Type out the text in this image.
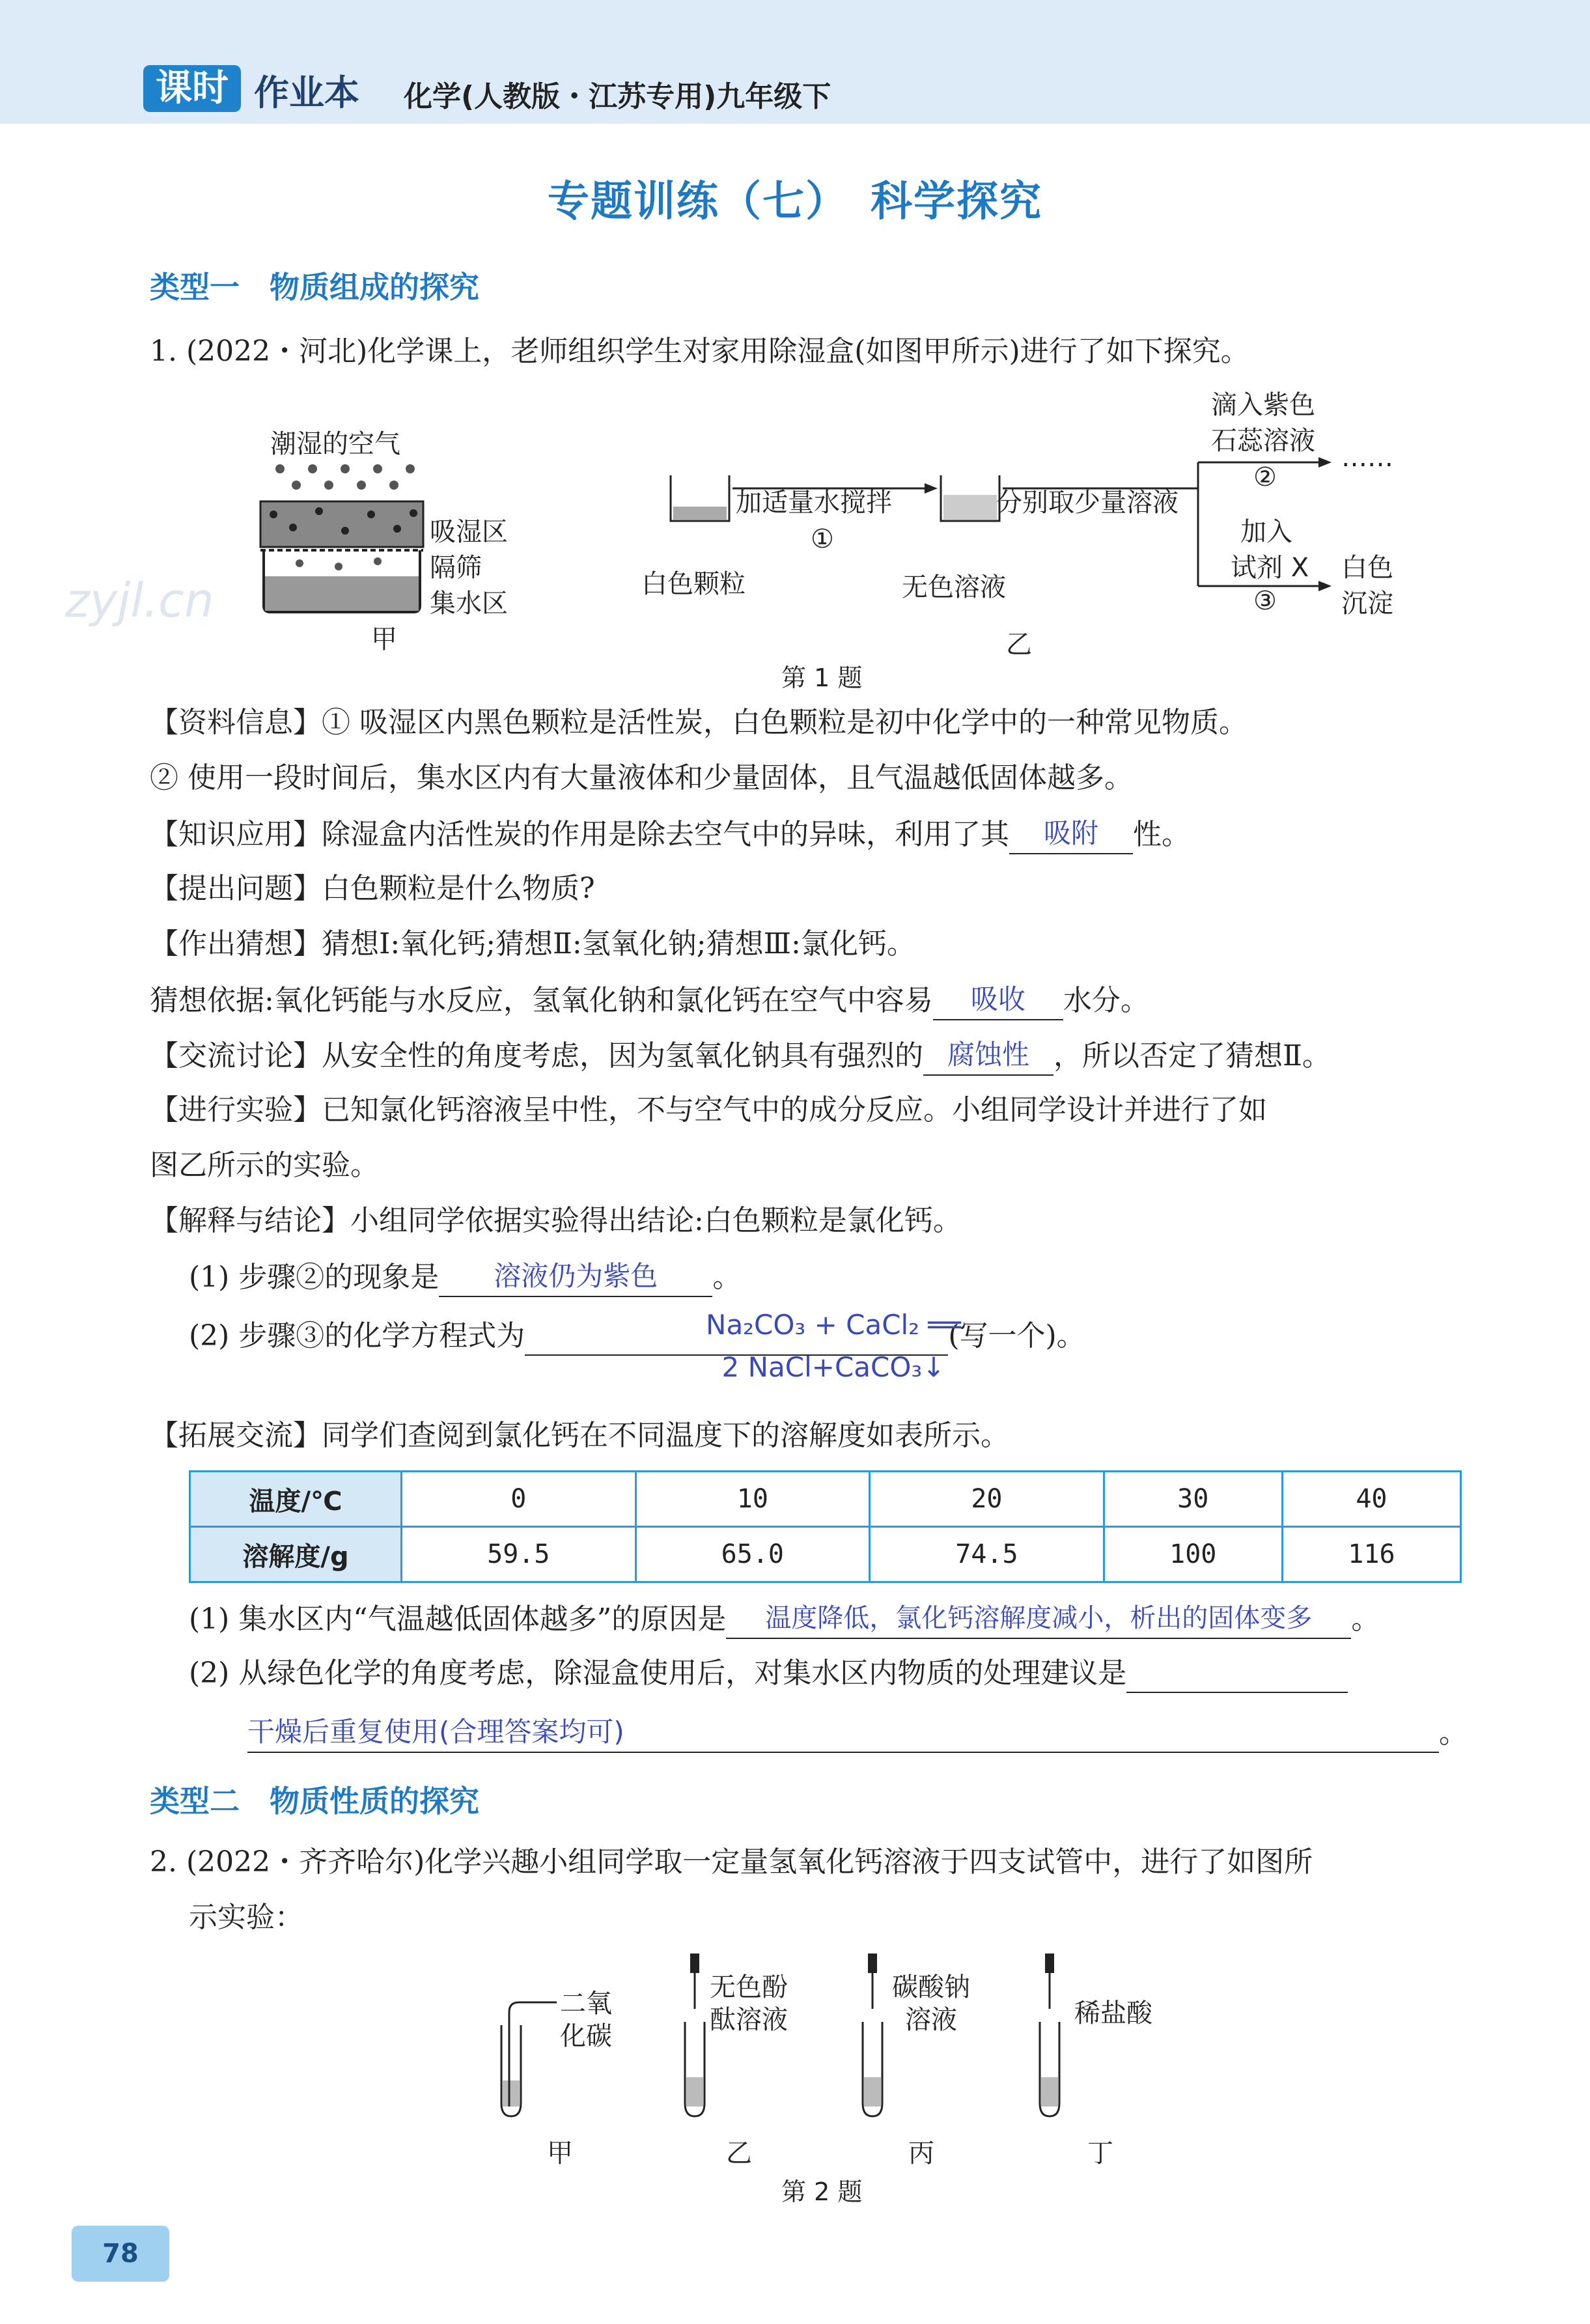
课时 作业本 化学(人教版・江苏专用)九年级下
专题训练（七）　科学探究
类型一　物质组成的探究
1. (2022・河北)化学课上，老师组织学生对家用除湿盒(如图甲所示)进行了如下探究。
潮湿的空气
吸湿区
隔筛
集水区
甲
白色颗粒
加适量水搅拌
①
无色溶液
分别取少量溶液
滴入紫色
石蕊溶液
②
……
加入
试剂 X
③
白色
沉淀
乙
第 1 题
zyjl.cn
【资料信息】① 吸湿区内黑色颗粒是活性炭，白色颗粒是初中化学中的一种常见物质。
② 使用一段时间后，集水区内有大量液体和少量固体，且气温越低固体越多。
【知识应用】除湿盒内活性炭的作用是除去空气中的异味，利用了其 吸附 性。
【提出问题】白色颗粒是什么物质?
【作出猜想】猜想Ⅰ:氧化钙;猜想Ⅱ:氢氧化钠;猜想Ⅲ:氯化钙。
猜想依据:氧化钙能与水反应，氢氧化钠和氯化钙在空气中容易 吸收 水分。
【交流讨论】从安全性的角度考虑，因为氢氧化钠具有强烈的 腐蚀性 ，所以否定了猜想Ⅱ。
【进行实验】已知氯化钙溶液呈中性，不与空气中的成分反应。小组同学设计并进行了如
图乙所示的实验。
【解释与结论】小组同学依据实验得出结论:白色颗粒是氯化钙。
(1) 步骤②的现象是 溶液仍为紫色 。
(2) 步骤③的化学方程式为	(写一个)。
Na₂CO₃ + CaCl₂ ══
2 NaCl+CaCO₃↓
【拓展交流】同学们查阅到氯化钙在不同温度下的溶解度如表所示。
温度/℃	0	10	20	30	40
溶解度/g	59.5	65.0	74.5	100	116
(1) 集水区内“气温越低固体越多”的原因是 温度降低，氯化钙溶解度减小，析出的固体变多 。
(2) 从绿色化学的角度考虑，除湿盒使用后，对集水区内物质的处理建议是
干燥后重复使用(合理答案均可)	。
类型二　物质性质的探究
2. (2022・齐齐哈尔)化学兴趣小组同学取一定量氢氧化钙溶液于四支试管中，进行了如图所
示实验：
二氧
化碳
无色酚
酞溶液
碳酸钠
溶液	稀盐酸
甲	乙	丙	丁
第 2 题
78
